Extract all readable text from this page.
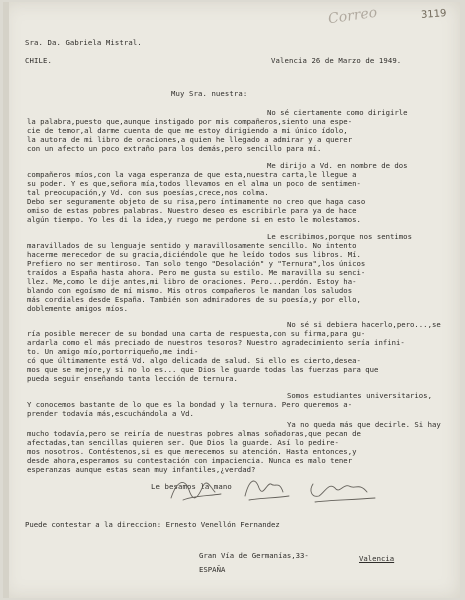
3119
Correo
Sra. Da. Gabriela Mistral.
CHILE.	Valencia 26 de Marzo de 1949.
Muy Sra. nuestra:
No sé ciertamente como dirigirle
la palabra,puesto que,aunque instigado por mis compañeros,siento una espe-
cie de temor,al darme cuenta de que me estoy dirigiendo a mi único ídolo,
la autora de mi libro de oraciones,a quien he llegado a admirar y a querer
con un afecto un poco extraño para los demás,pero sencillo para mí.
Me dirijo a Vd. en nombre de dos
compañeros míos,con la vaga esperanza de que esta,nuestra carta,le llegue a
su poder. Y es que,señora mía,todos llevamos en el alma un poco de sentimen-
tal preocupación,y Vd. con sus poesías,crece,nos colma.
Debo ser seguramente objeto de su risa,pero íntimamente no creo que haga caso
omiso de estas pobres palabras. Nuestro deseo es escribirle para ya de hace
algún tiempo. Yo les di la idea,y ruego me perdone si en esto le molestamos.
Le escribimos,porque nos sentimos
maravillados de su lenguaje sentido y maravillosamente sencillo. No intento
hacerme merecedor de su gracia,diciéndole que he leído todos sus libros. Mí.
Prefiero no ser mentiroso. Tan solo tengo "Desolación" y "Ternura",los únicos
traídos a España hasta ahora. Pero me gusta su estilo. Me maravilla su senci-
llez. Me,como le dije antes,mi libro de oraciones. Pero...perdón. Estoy ha-
blando con egoísmo de mí mismo. Mis otros compañeros le mandan los saludos
más cordiales desde España. También son admiradores de su poesía,y por ello,
doblemente amigos míos.
No sé si debiera hacerlo,pero...,se
ría posible merecer de su bondad una carta de respuesta,con su firma,para gu-
ardarla como el más preciado de nuestros tesoros? Nuestro agradecimiento sería infini-
to. Un amigo mío,portorriqueño,me indi-
có que últimamente está Vd. algo delicada de salud. Si ello es cierto,desea-
mos que se mejore,y si no lo es... que Dios le guarde todas las fuerzas para que
pueda seguir enseñando tanta lección de ternura.
Somos estudiantes universitarios,
Y conocemos bastante de lo que es la bondad y la ternura. Pero queremos a-
prender todavía más,escuchándola a Vd.
Ya no queda más que decirle. Si hay
mucho todavía,pero se reiría de nuestras pobres almas soñadoras,que pecan de
afectadas,tan sencillas quieren ser. Que Dios la guarde. Así lo pedire-
mos nosotros. Contéstenos,si es que merecemos su atención. Hasta entonces,y
desde ahora,esperamos su contestación con impaciencia. Nunca es malo tener
esperanzas aunque estas sean muy infantiles,¿verdad?
Le besamos la mano
Puede contestar a la direccion: Ernesto Venellón Fernandez
Gran Vía de Germanías,33-	Valencia
ESPAÑA
